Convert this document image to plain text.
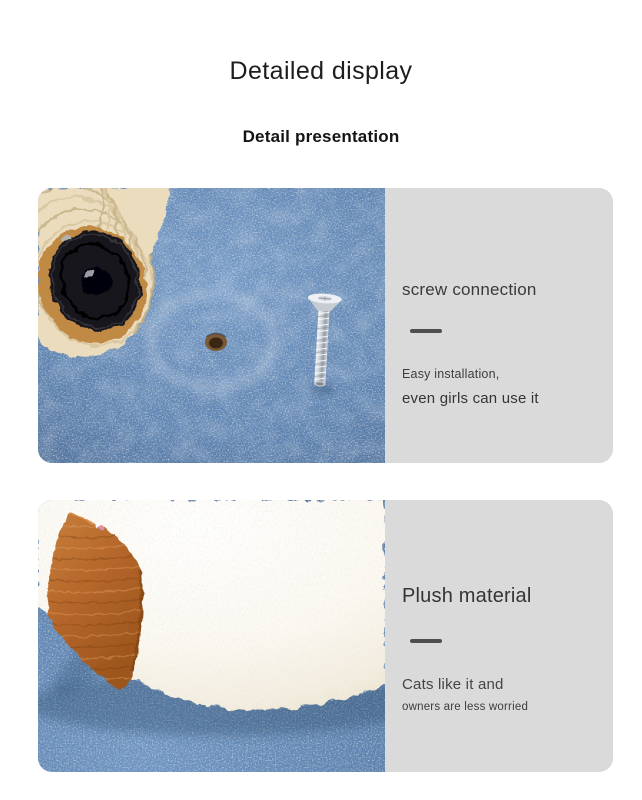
Detailed display
Detail presentation
screw connection

Easy installation,

even girls can use it

Plush material

Cats like it and

owners are less worried
